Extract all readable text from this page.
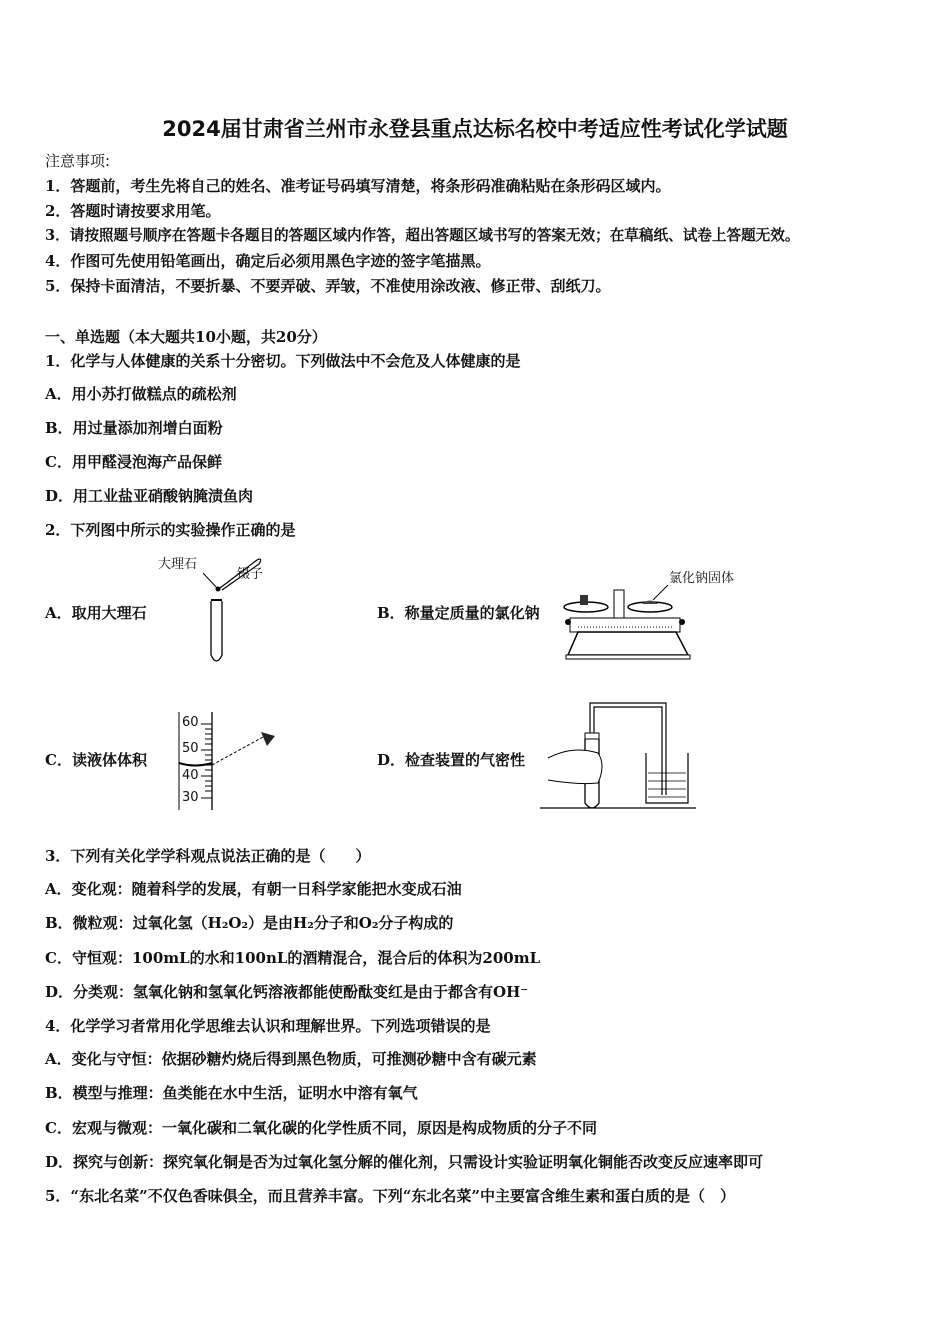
2024届甘肃省兰州市永登县重点达标名校中考适应性考试化学试题
注意事项:
1．答题前，考生先将自己的姓名、准考证号码填写清楚，将条形码准确粘贴在条形码区域内。
2．答题时请按要求用笔。
3．请按照题号顺序在答题卡各题目的答题区域内作答，超出答题区域书写的答案无效；在草稿纸、试卷上答题无效。
4．作图可先使用铅笔画出，确定后必须用黑色字迹的签字笔描黑。
5．保持卡面清洁，不要折暴、不要弄破、弄皱，不准使用涂改液、修正带、刮纸刀。
一、单选题（本大题共10小题，共20分）
1．化学与人体健康的关系十分密切。下列做法中不会危及人体健康的是
A．用小苏打做糕点的疏松剂
B．用过量添加剂增白面粉
C．用甲醛浸泡海产品保鲜
D．用工业盐亚硝酸钠腌渍鱼肉
2．下列图中所示的实验操作正确的是
A．取用大理石	B．称量定质量的氯化钠
C．读液体体积	D．检查装置的气密性
大理石
镊子	氯化钠固体
60
50
40
30
3．下列有关化学学科观点说法正确的是（　　）
A．变化观：随着科学的发展，有朝一日科学家能把水变成石油
B．微粒观：过氧化氢（H₂O₂）是由H₂分子和O₂分子构成的
C．守恒观：100mL的水和100nL的酒精混合，混合后的体积为200mL
D．分类观：氢氧化钠和氢氧化钙溶液都能使酚酞变红是由于都含有OH⁻
4．化学学习者常用化学思维去认识和理解世界。下列选项错误的是
A．变化与守恒：依据砂糖灼烧后得到黑色物质，可推测砂糖中含有碳元素
B．模型与推理：鱼类能在水中生活，证明水中溶有氧气
C．宏观与微观：一氧化碳和二氧化碳的化学性质不同，原因是构成物质的分子不同
D．探究与创新：探究氧化铜是否为过氧化氢分解的催化剂，只需设计实验证明氧化铜能否改变反应速率即可
5．“东北名菜”不仅色香味俱全，而且营养丰富。下列“东北名菜”中主要富含维生素和蛋白质的是（　）
